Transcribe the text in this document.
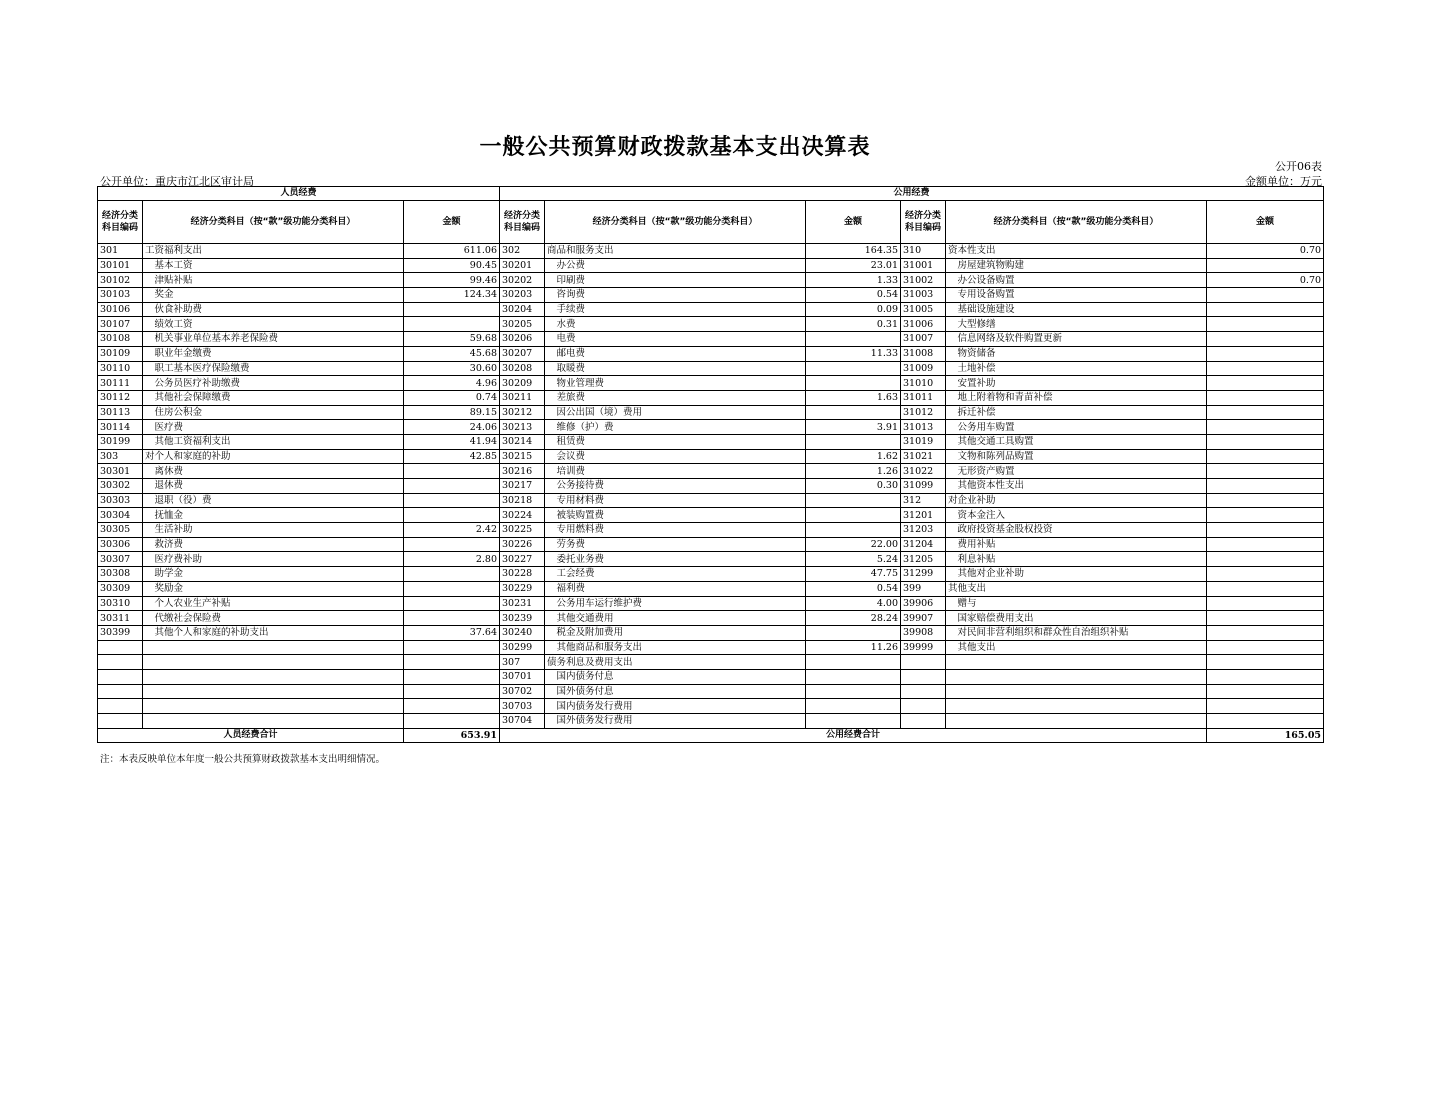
一般公共预算财政拨款基本支出决算表
公开06表
公开单位：重庆市江北区审计局	金额单位：万元
人员经费			公用经费					
经济分类科目编码	经济分类科目（按“款”级功能分类科目）	金额	经济分类科目编码	经济分类科目（按“款”级功能分类科目）	金额	经济分类科目编码	经济分类科目（按“款”级功能分类科目）	金额
301	工资福利支出	611.06	302	商品和服务支出	164.35	310	资本性支出	0.70
30101	　基本工资	90.45	30201	　办公费	23.01	31001	　房屋建筑物购建	
30102	　津贴补贴	99.46	30202	　印刷费	1.33	31002	　办公设备购置	0.70
30103	　奖金	124.34	30203	　咨询费	0.54	31003	　专用设备购置	
30106	　伙食补助费		30204	　手续费	0.09	31005	　基础设施建设	
30107	　绩效工资		30205	　水费	0.31	31006	　大型修缮	
30108	　机关事业单位基本养老保险费	59.68	30206	　电费		31007	　信息网络及软件购置更新	
30109	　职业年金缴费	45.68	30207	　邮电费	11.33	31008	　物资储备	
30110	　职工基本医疗保险缴费	30.60	30208	　取暖费		31009	　土地补偿	
30111	　公务员医疗补助缴费	4.96	30209	　物业管理费		31010	　安置补助	
30112	　其他社会保障缴费	0.74	30211	　差旅费	1.63	31011	　地上附着物和青苗补偿	
30113	　住房公积金	89.15	30212	　因公出国（境）费用		31012	　拆迁补偿	
30114	　医疗费	24.06	30213	　维修（护）费	3.91	31013	　公务用车购置	
30199	　其他工资福利支出	41.94	30214	　租赁费		31019	　其他交通工具购置	
303	对个人和家庭的补助	42.85	30215	　会议费	1.62	31021	　文物和陈列品购置	
30301	　离休费		30216	　培训费	1.26	31022	　无形资产购置	
30302	　退休费		30217	　公务接待费	0.30	31099	　其他资本性支出	
30303	　退职（役）费		30218	　专用材料费		312	对企业补助	
30304	　抚恤金		30224	　被装购置费		31201	　资本金注入	
30305	　生活补助	2.42	30225	　专用燃料费		31203	　政府投资基金股权投资	
30306	　救济费		30226	　劳务费	22.00	31204	　费用补贴	
30307	　医疗费补助	2.80	30227	　委托业务费	5.24	31205	　利息补贴	
30308	　助学金		30228	　工会经费	47.75	31299	　其他对企业补助	
30309	　奖励金		30229	　福利费	0.54	399	其他支出	
30310	　个人农业生产补贴		30231	　公务用车运行维护费	4.00	39906	　赠与	
30311	　代缴社会保险费		30239	　其他交通费用	28.24	39907	　国家赔偿费用支出	
30399	　其他个人和家庭的补助支出	37.64	30240	　税金及附加费用		39908	　对民间非营利组织和群众性自治组织补贴	
			30299	　其他商品和服务支出	11.26	39999	　其他支出	
			307	债务利息及费用支出				
			30701	　国内债务付息				
			30702	　国外债务付息				
			30703	　国内债务发行费用				
			30704	　国外债务发行费用				
人员经费合计		653.91	公用经费合计					165.05
注：本表反映单位本年度一般公共预算财政拨款基本支出明细情况。
